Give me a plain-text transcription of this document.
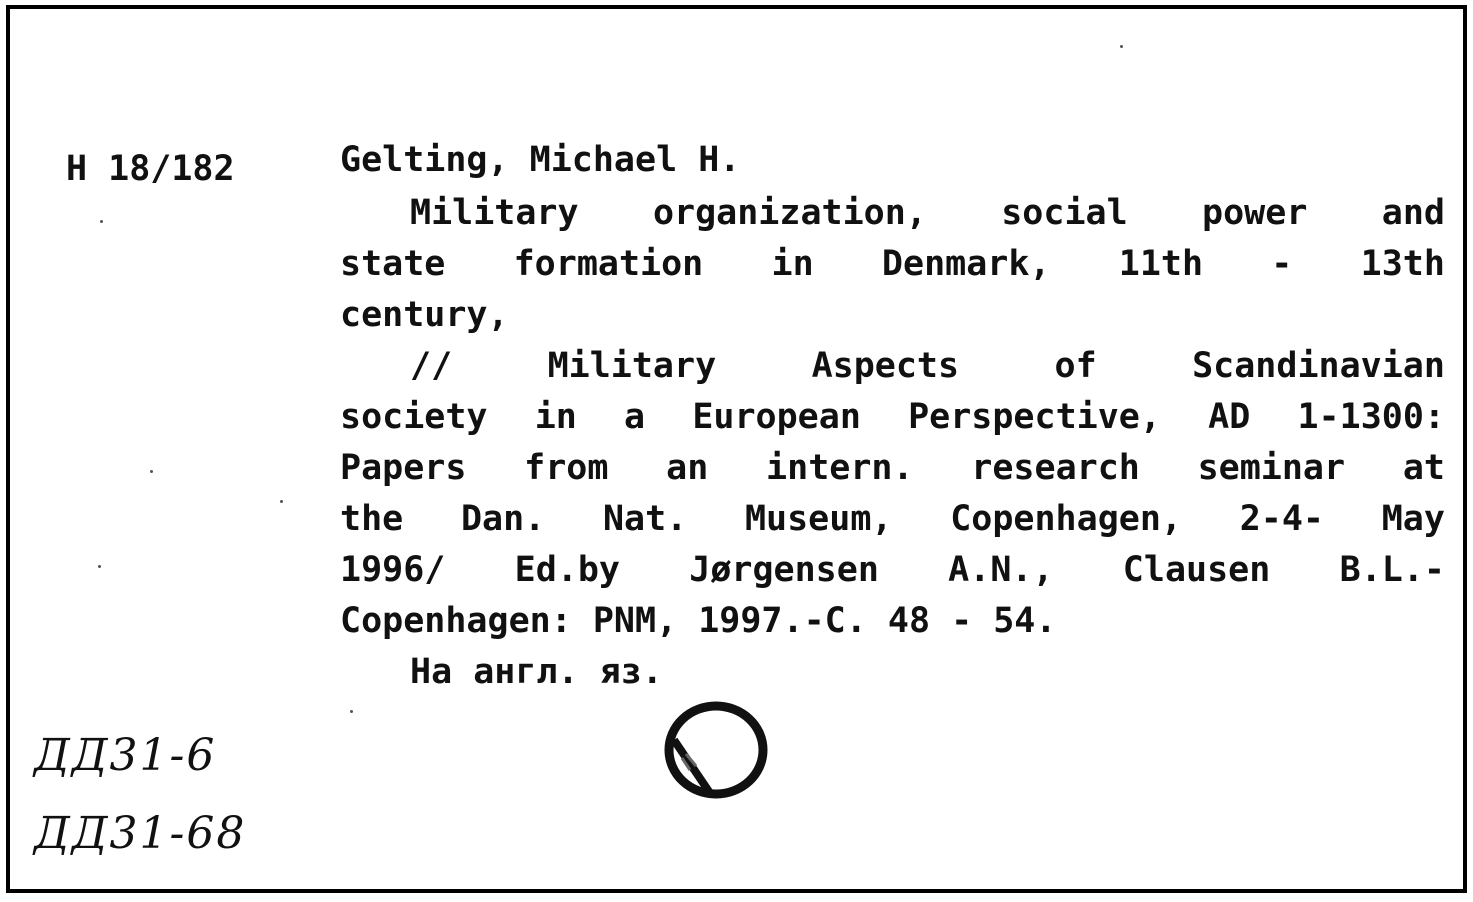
H 18/182	Gelting, Michael H.
Military organization, social power and
state formation in Denmark, 11th - 13th
century,
//	Military	Aspects	of	Scandinavian
society in a European Perspective, AD 1-1300:
Papers from an intern. research seminar at
the Dan. Nat. Museum, Copenhagen, 2-4- May
1996/ Ed.by Jørgensen A.N., Clausen B.L.-
Copenhagen: PNM, 1997.-C. 48 - 54.
Ha англ. яз.
ДД31-6
ДД31-68
